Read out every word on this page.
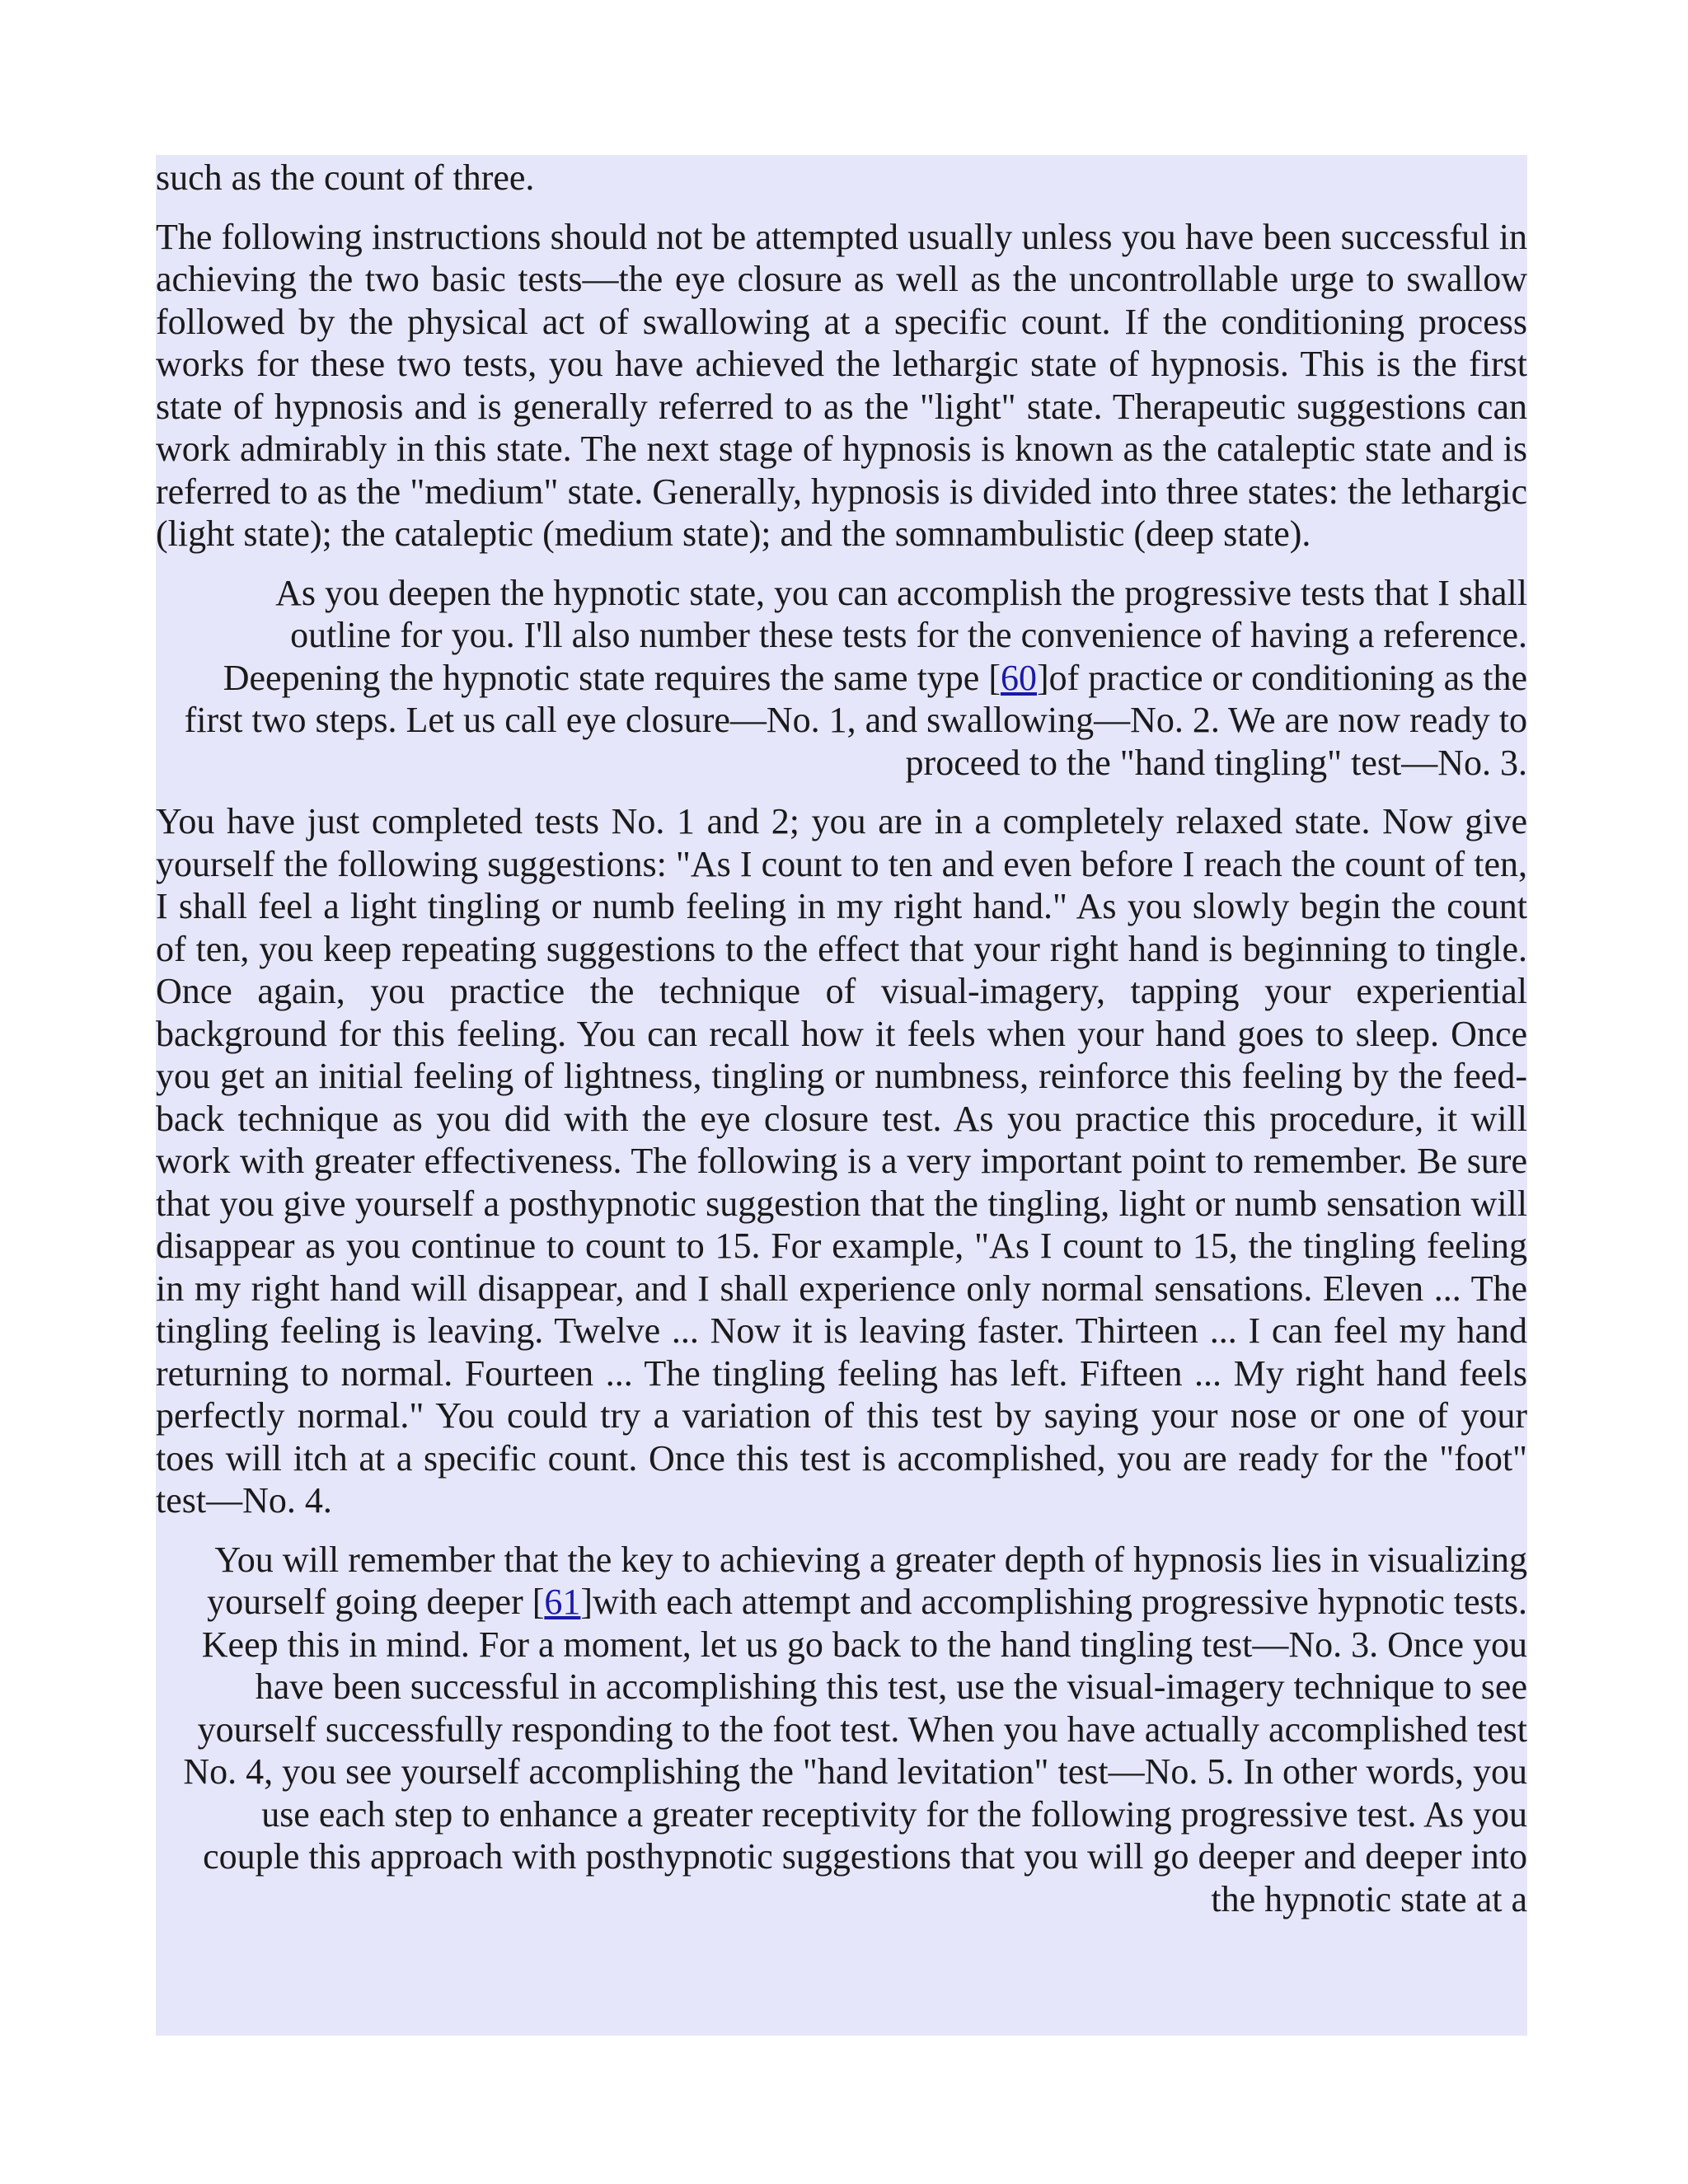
such as the count of three.

The following instructions should not be attempted usually unless you have been successful in achieving the two basic tests—the eye closure as well as the uncontrollable urge to swallow followed by the physical act of swallowing at a specific count. If the conditioning process works for these two tests, you have achieved the lethargic state of hypnosis. This is the first state of hypnosis and is generally referred to as the "light" state. Therapeutic suggestions can work admirably in this state. The next stage of hypnosis is known as the cataleptic state and is referred to as the "medium" state. Generally, hypnosis is divided into three states: the lethargic (light state); the cataleptic (medium state); and the somnambulistic (deep state).

As you deepen the hypnotic state, you can accomplish the progressive tests that I shall outline for you. I'll also number these tests for the convenience of having a reference. Deepening the hypnotic state requires the same type [60]of practice or conditioning as the first two steps. Let us call eye closure—No. 1, and swallowing—No. 2. We are now ready to proceed to the "hand tingling" test—No. 3.

You have just completed tests No. 1 and 2; you are in a completely relaxed state. Now give yourself the following suggestions: "As I count to ten and even before I reach the count of ten, I shall feel a light tingling or numb feeling in my right hand." As you slowly begin the count of ten, you keep repeating suggestions to the effect that your right hand is beginning to tingle. Once again, you practice the technique of visual-imagery, tapping your experiential background for this feeling. You can recall how it feels when your hand goes to sleep. Once you get an initial feeling of lightness, tingling or numbness, reinforce this feeling by the feed-back technique as you did with the eye closure test. As you practice this procedure, it will work with greater effectiveness. The following is a very important point to remember. Be sure that you give yourself a posthypnotic suggestion that the tingling, light or numb sensation will disappear as you continue to count to 15. For example, "As I count to 15, the tingling feeling in my right hand will disappear, and I shall experience only normal sensations. Eleven ... The tingling feeling is leaving. Twelve ... Now it is leaving faster. Thirteen ... I can feel my hand returning to normal. Fourteen ... The tingling feeling has left. Fifteen ... My right hand feels perfectly normal." You could try a variation of this test by saying your nose or one of your toes will itch at a specific count. Once this test is accomplished, you are ready for the "foot" test—No. 4.

You will remember that the key to achieving a greater depth of hypnosis lies in visualizing yourself going deeper [61]with each attempt and accomplishing progressive hypnotic tests. Keep this in mind. For a moment, let us go back to the hand tingling test—No. 3. Once you have been successful in accomplishing this test, use the visual-imagery technique to see yourself successfully responding to the foot test. When you have actually accomplished test No. 4, you see yourself accomplishing the "hand levitation" test—No. 5. In other words, you use each step to enhance a greater receptivity for the following progressive test. As you couple this approach with posthypnotic suggestions that you will go deeper and deeper into the hypnotic state at a
